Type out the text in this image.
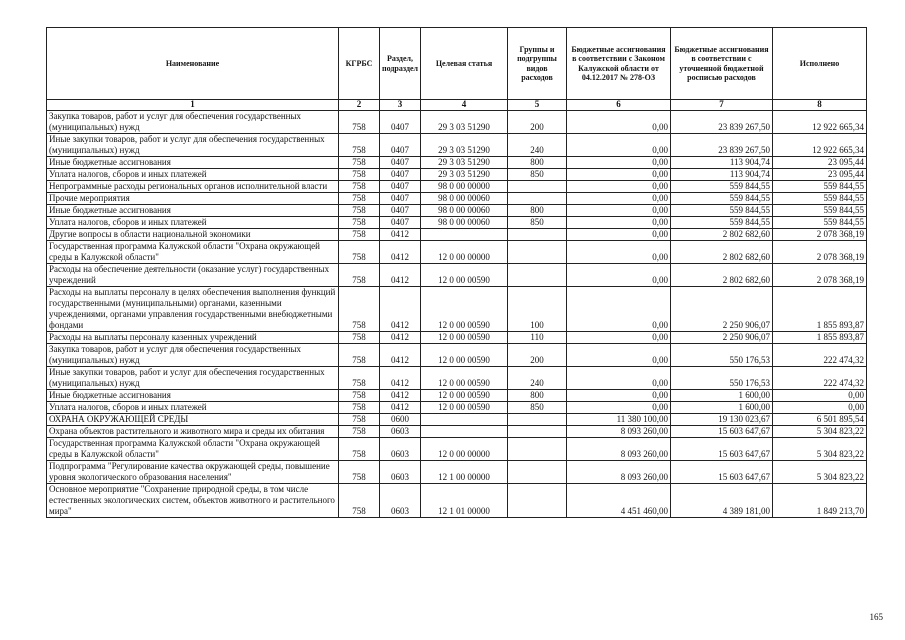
Наименование	КГРБС	Раздел, подраздел	Целевая статья	Группы и подгруппы видов расходов	Бюджетные ассигнования в соответствии с Законом Калужской области от 04.12.2017 № 278-ОЗ	Бюджетные ассигнования в соответствии с уточненной бюджетной росписью расходов	Исполнено
1	2	3	4	5	6	7	8
Закупка товаров, работ и услуг для обеспечения государственных (муниципальных) нужд	758	0407	29 3 03 51290	200	0,00	23 839 267,50	12 922 665,34
Иные закупки товаров, работ и услуг для обеспечения государственных (муниципальных) нужд	758	0407	29 3 03 51290	240	0,00	23 839 267,50	12 922 665,34
Иные бюджетные ассигнования	758	0407	29 3 03 51290	800	0,00	113 904,74	23 095,44
Уплата налогов, сборов и иных платежей	758	0407	29 3 03 51290	850	0,00	113 904,74	23 095,44
Непрограммные расходы региональных органов исполнительной власти	758	0407	98 0 00 00000		0,00	559 844,55	559 844,55
Прочие мероприятия	758	0407	98 0 00 00060		0,00	559 844,55	559 844,55
Иные бюджетные ассигнования	758	0407	98 0 00 00060	800	0,00	559 844,55	559 844,55
Уплата налогов, сборов и иных платежей	758	0407	98 0 00 00060	850	0,00	559 844,55	559 844,55
Другие вопросы в области национальной экономики	758	0412			0,00	2 802 682,60	2 078 368,19
Государственная программа Калужской области "Охрана окружающей среды в Калужской области"	758	0412	12 0 00 00000		0,00	2 802 682,60	2 078 368,19
Расходы на обеспечение деятельности (оказание услуг) государственных учреждений	758	0412	12 0 00 00590		0,00	2 802 682,60	2 078 368,19
Расходы на выплаты персоналу в целях обеспечения выполнения функций государственными (муниципальными) органами, казенными учреждениями, органами управления государственными внебюджетными фондами	758	0412	12 0 00 00590	100	0,00	2 250 906,07	1 855 893,87
Расходы на выплаты персоналу казенных учреждений	758	0412	12 0 00 00590	110	0,00	2 250 906,07	1 855 893,87
Закупка товаров, работ и услуг для обеспечения государственных (муниципальных) нужд	758	0412	12 0 00 00590	200	0,00	550 176,53	222 474,32
Иные закупки товаров, работ и услуг для обеспечения государственных (муниципальных) нужд	758	0412	12 0 00 00590	240	0,00	550 176,53	222 474,32
Иные бюджетные ассигнования	758	0412	12 0 00 00590	800	0,00	1 600,00	0,00
Уплата налогов, сборов и иных платежей	758	0412	12 0 00 00590	850	0,00	1 600,00	0,00
ОХРАНА ОКРУЖАЮЩЕЙ СРЕДЫ	758	0600			11 380 100,00	19 130 023,67	6 501 895,54
Охрана объектов растительного и животного мира и среды их обитания	758	0603			8 093 260,00	15 603 647,67	5 304 823,22
Государственная программа Калужской области "Охрана окружающей среды в Калужской области"	758	0603	12 0 00 00000		8 093 260,00	15 603 647,67	5 304 823,22
Подпрограмма "Регулирование качества окружающей среды, повышение уровня экологического образования населения"	758	0603	12 1 00 00000		8 093 260,00	15 603 647,67	5 304 823,22
Основное мероприятие "Сохранение природной среды, в том числе естественных экологических систем, объектов животного и растительного мира"	758	0603	12 1 01 00000		4 451 460,00	4 389 181,00	1 849 213,70
165
